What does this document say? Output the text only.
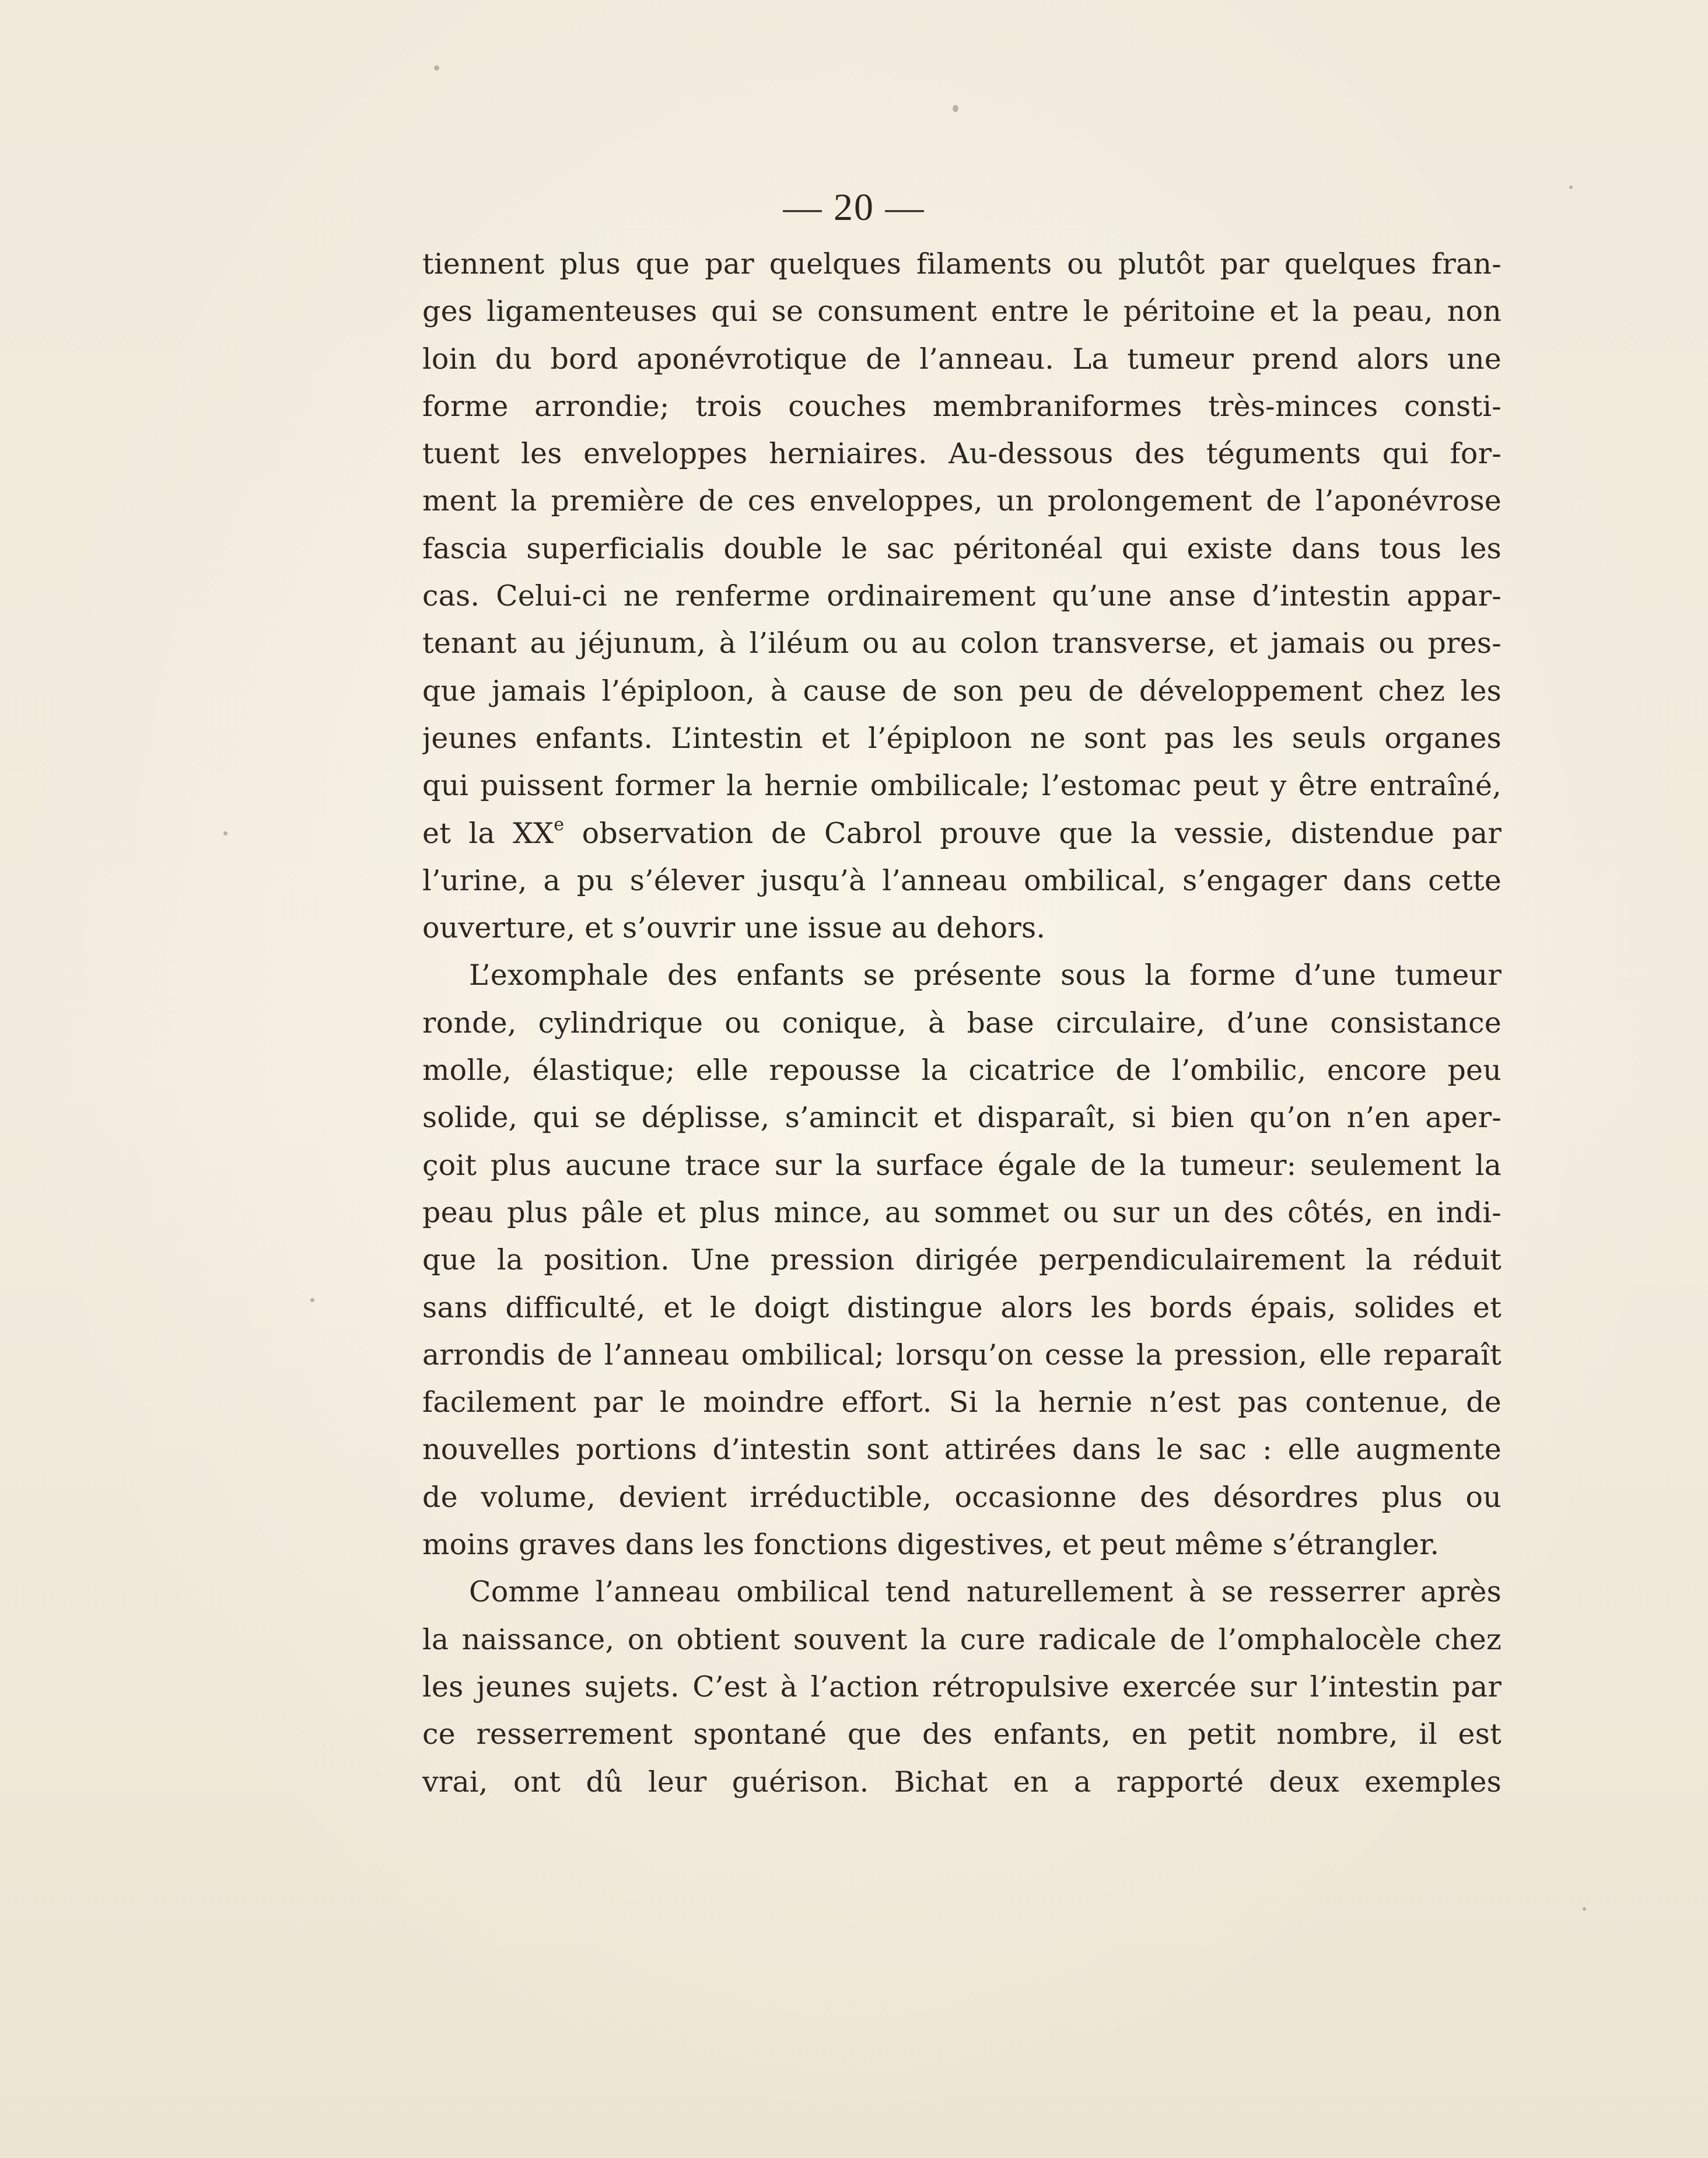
— 20 —
tiennent plus que par quelques filaments ou plutôt par quelques fran-
ges ligamenteuses qui se consument entre le péritoine et la peau, non
loin du bord aponévrotique de l’anneau. La tumeur prend alors une
forme arrondie; trois couches membraniformes très-minces consti-
tuent les enveloppes herniaires. Au-dessous des téguments qui for-
ment la première de ces enveloppes, un prolongement de l’aponévrose
fascia superficialis double le sac péritonéal qui existe dans tous les
cas. Celui-ci ne renferme ordinairement qu’une anse d’intestin appar-
tenant au jéjunum, à l’iléum ou au colon transverse, et jamais ou pres-
que jamais l’épiploon, à cause de son peu de développement chez les
jeunes enfants. L’intestin et l’épiploon ne sont pas les seuls organes
qui puissent former la hernie ombilicale; l’estomac peut y être entraîné,
et la XXe observation de Cabrol prouve que la vessie, distendue par
l’urine, a pu s’élever jusqu’à l’anneau ombilical, s’engager dans cette
ouverture, et s’ouvrir une issue au dehors.
L’exomphale des enfants se présente sous la forme d’une tumeur
ronde, cylindrique ou conique, à base circulaire, d’une consistance
molle, élastique; elle repousse la cicatrice de l’ombilic, encore peu
solide, qui se déplisse, s’amincit et disparaît, si bien qu’on n’en aper-
çoit plus aucune trace sur la surface égale de la tumeur: seulement la
peau plus pâle et plus mince, au sommet ou sur un des côtés, en indi-
que la position. Une pression dirigée perpendiculairement la réduit
sans difficulté, et le doigt distingue alors les bords épais, solides et
arrondis de l’anneau ombilical; lorsqu’on cesse la pression, elle reparaît
facilement par le moindre effort. Si la hernie n’est pas contenue, de
nouvelles portions d’intestin sont attirées dans le sac : elle augmente
de volume, devient irréductible, occasionne des désordres plus ou
moins graves dans les fonctions digestives, et peut même s’étrangler.
Comme l’anneau ombilical tend naturellement à se resserrer après
la naissance, on obtient souvent la cure radicale de l’omphalocèle chez
les jeunes sujets. C’est à l’action rétropulsive exercée sur l’intestin par
ce resserrement spontané que des enfants, en petit nombre, il est
vrai, ont dû leur guérison. Bichat en a rapporté deux exemples
